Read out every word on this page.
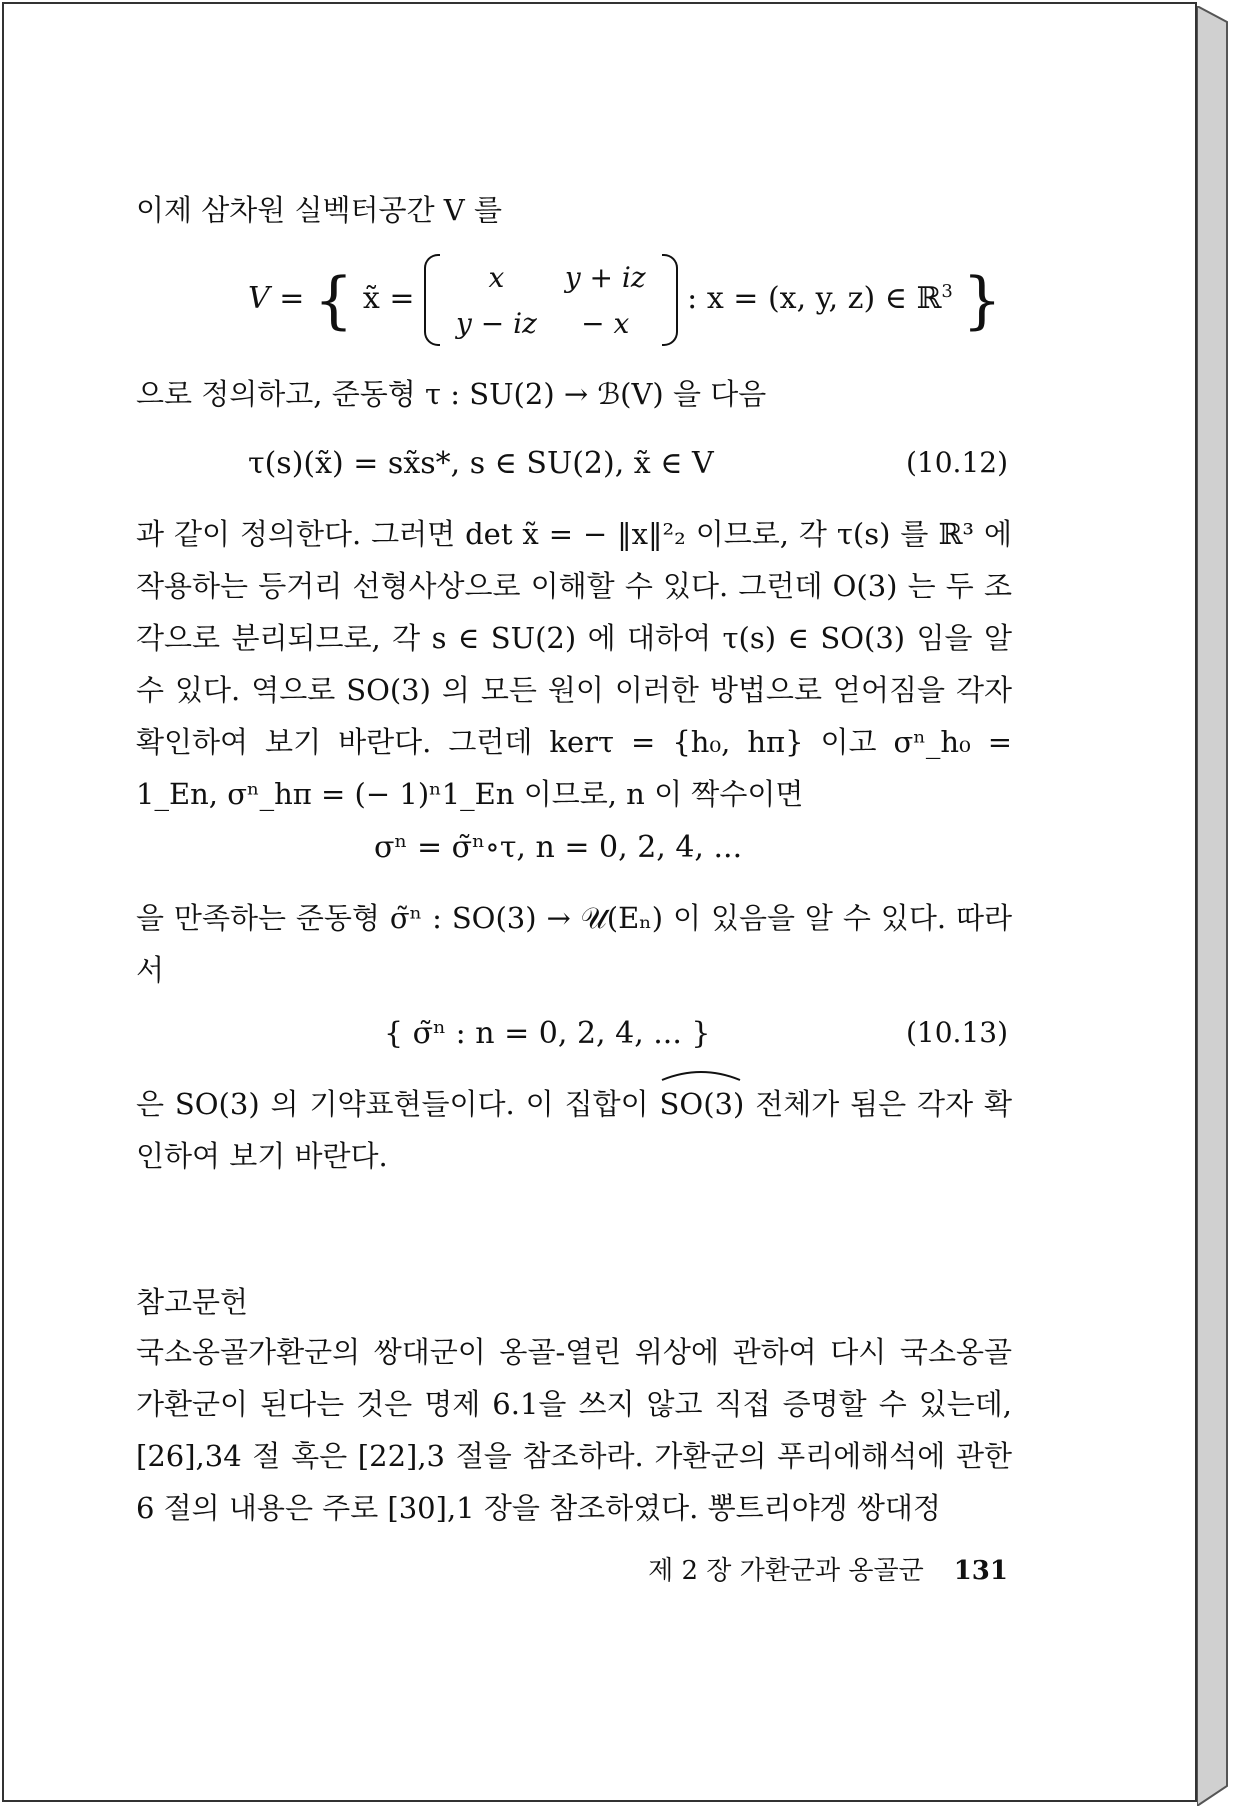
이제 삼차원 실벡터공간 V 를

V = { x̃ =
x	y + iz
y − iz	− x
: x = (x, y, z) ∈ ℝ$^3$ }

으로 정의하고, 준동형 τ : SU(2) → ℬ(V) 을 다음

τ(s)(x̃) = sx̃s*, s ∈ SU(2), x̃ ∈ V	(10.12)

과 같이 정의한다. 그러면 det x̃ = − ‖x‖²₂ 이므로, 각 τ(s) 를 ℝ³ 에 작용하는 등거리 선형사상으로 이해할 수 있다. 그런데 O(3) 는 두 조각으로 분리되므로, 각 s ∈ SU(2) 에 대하여 τ(s) ∈ SO(3) 임을 알 수 있다. 역으로 SO(3) 의 모든 원이 이러한 방법으로 얻어짐을 각자 확인하여 보기 바란다. 그런데 kerτ = {h₀, hπ} 이고 σⁿ_h₀ = 1_En, σⁿ_hπ = (− 1)ⁿ1_En 이므로, n 이 짝수이면

σⁿ = σ̃ⁿ∘τ, n = 0, 2, 4, ...

을 만족하는 준동형 σ̃ⁿ : SO(3) → 𝒰(Eₙ) 이 있음을 알 수 있다. 따라서

{ σ̃ⁿ : n = 0, 2, 4, ... }	(10.13)

은 SO(3) 의 기약표현들이다. 이 집합이 SO(3) 전체가 됨은 각자 확인하여 보기 바란다.

참고문헌

국소옹골가환군의 쌍대군이 옹골-열린 위상에 관하여 다시 국소옹골가환군이 된다는 것은 명제 6.1을 쓰지 않고 직접 증명할 수 있는데, [26],34 절 혹은 [22],3 절을 참조하라. 가환군의 푸리에해석에 관한 6 절의 내용은 주로 [30],1 장을 참조하였다. 뽕트리야겡 쌍대정

제 2 장 가환군과 옹골군 131
